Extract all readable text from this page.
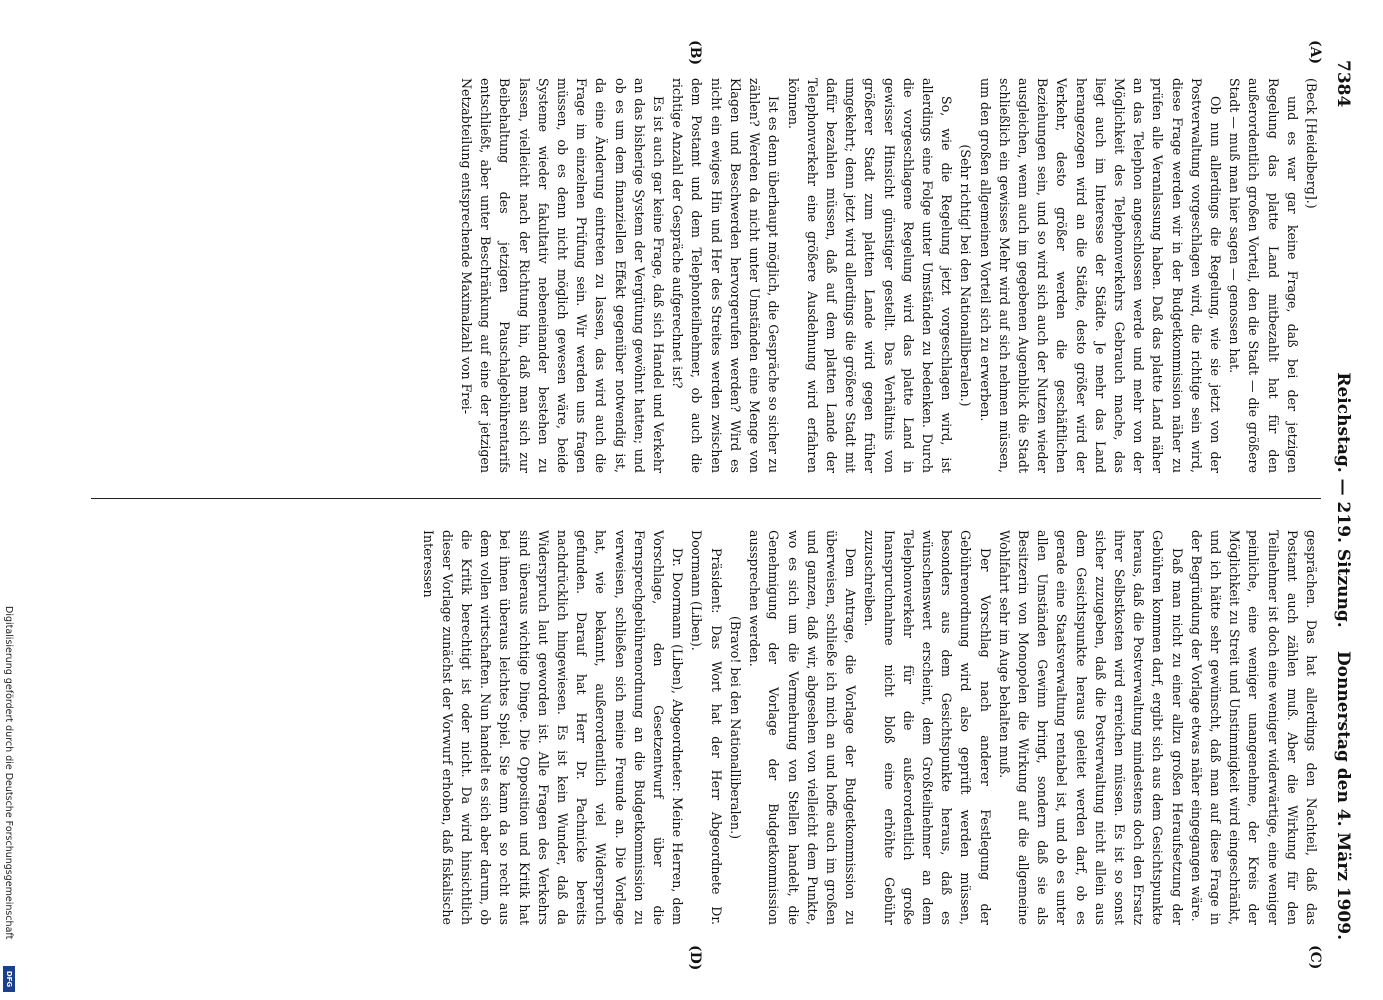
Digitalisierung gefördert durch die Deutsche Forschungsgemeinschaft
DFG
7384
Reichstag. — 219. Sitzung.
Donnerstag den 4. März 1909.
(A)
(B)
(C)
(D)

(Beck [Heidelberg].)

und es war gar keine Frage, daß bei der jetzigen Regelung das platte Land mitbezahlt hat für den außerordentlich großen Vorteil, den die Stadt — die größere Stadt — muß man hier sagen — genossen hat.

Ob nun allerdings die Regelung, wie sie jetzt von der Postverwaltung vorgeschlagen wird, die richtige sein wird, diese Frage werden wir in der Budgetkommission näher zu prüfen alle Veranlassung haben. Daß das platte Land näher an das Telephon angeschlossen werde und mehr von der Möglichkeit des Telephonverkehrs Gebrauch mache, das liegt auch im Interesse der Städte. Je mehr das Land herangezogen wird an die Städte, desto größer wird der Verkehr, desto größer werden die geschäftlichen Beziehungen sein, und so wird sich auch der Nutzen wieder ausgleichen, wenn auch im gegebenen Augenblick die Stadt schließlich ein gewisses Mehr wird auf sich nehmen müssen, um den großen allgemeinen Vorteil sich zu erwerben.

(Sehr richtig! bei den Nationalliberalen.)

So, wie die Regelung jetzt vorgeschlagen wird, ist allerdings eine Folge unter Umständen zu bedenken. Durch die vorgeschlagene Regelung wird das platte Land in gewisser Hinsicht günstiger gestellt. Das Verhältnis von größerer Stadt zum platten Lande wird gegen früher umgekehrt; denn jetzt wird allerdings die größere Stadt mit dafür bezahlen müssen, daß auf dem platten Lande der Telephonverkehr eine größere Ausdehnung wird erfahren können.

Ist es denn überhaupt möglich, die Gespräche so sicher zu zählen? Werden da nicht unter Umständen eine Menge von Klagen und Beschwerden hervorgerufen werden? Wird es nicht ein ewiges Hin und Her des Streites werden zwischen dem Postamt und dem Telephonteilnehmer, ob auch die richtige Anzahl der Gespräche aufgerechnet ist?

Es ist auch gar keine Frage, daß sich Handel und Verkehr an das bisherige System der Vergütung gewöhnt hatten; und ob es um dem finanziellen Effekt gegenüber notwendig ist, da eine Änderung eintreten zu lassen, das wird auch die Frage im einzelnen Prüfung sein. Wir werden uns fragen müssen, ob es denn nicht möglich gewesen wäre, beide Systeme wieder fakultativ nebeneinander bestehen zu lassen, vielleicht nach der Richtung hin, daß man sich zur Beibehaltung des jetzigen Pauschalgebührentarifs entschließt, aber unter Beschränkung auf eine der jetzigen Netzabteilung entsprechende Maximalzahl von Frei-

gesprächen. Das hat allerdings den Nachteil, daß das Postamt auch zählen muß. Aber die Wirkung für den Teilnehmer ist doch eine weniger widerwärtige, eine weniger peinliche, eine weniger unangenehme, der Kreis der Möglichkeit zu Streit und Unstimmigkeit wird eingeschränkt, und ich hätte sehr gewünscht, daß man auf diese Frage in der Begründung der Vorlage etwas näher eingegangen wäre.

Daß man nicht zu einer allzu großen Heraufsetzung der Gebühren kommen darf, ergibt sich aus dem Gesichtspunkte heraus, daß die Postverwaltung mindestens doch den Ersatz ihrer Selbstkosten wird erreichen müssen. Es ist so sonst sicher zuzugeben, daß die Postverwaltung nicht allein aus dem Gesichtspunkte heraus geleitet werden darf, ob es gerade eine Staatsverwaltung rentabel ist, und ob es unter allen Umständen Gewinn bringt, sondern daß sie als Besitzerin von Monopolen die Wirkung auf die allgemeine Wohlfahrt sehr im Auge behalten muß.

Der Vorschlag nach anderer Festlegung der Gebührenordnung wird also geprüft werden müssen, besonders aus dem Gesichtspunkte heraus, daß es wünschenswert erscheint, dem Großteilnehmer an dem Telephonverkehr für die außerordentlich große Inanspruchnahme nicht bloß eine erhöhte Gebühr zuzuschreiben.

Dem Antrage, die Vorlage der Budgetkommission zu überweisen, schließe ich mich an und hoffe auch im großen und ganzen, daß wir, abgesehen von vielleicht dem Punkte, wo es sich um die Vermehrung von Stellen handelt, die Genehmigung der Vorlage der Budgetkommission aussprechen werden.

(Bravo! bei den Nationalliberalen.)

Präsident: Das Wort hat der Herr Abgeordnete Dr. Doormann (Liben).

Dr. Doormann (Liben), Abgeordneter: Meine Herren, dem Vorschlage, den Gesetzentwurf über die Fernsprechgebührenordnung an die Budgetkommission zu verweisen, schließen sich meine Freunde an. Die Vorlage hat, wie bekannt, außerordentlich viel Widerspruch gefunden. Darauf hat Herr Dr. Pachnicke bereits nachdrücklich hingewiesen. Es ist kein Wunder, daß da Widerspruch laut geworden ist. Alle Fragen des Verkehrs sind überaus wichtige Dinge. Die Opposition und Kritik hat bei ihnen überaus leichtes Spiel. Sie kann da so recht aus dem vollen wirtschaften. Nun handelt es sich aber darum, ob die Kritik berechtigt ist oder nicht. Da wird hinsichtlich dieser Vorlage zunächst der Vorwurf erhoben, daß fiskalische Interessen
